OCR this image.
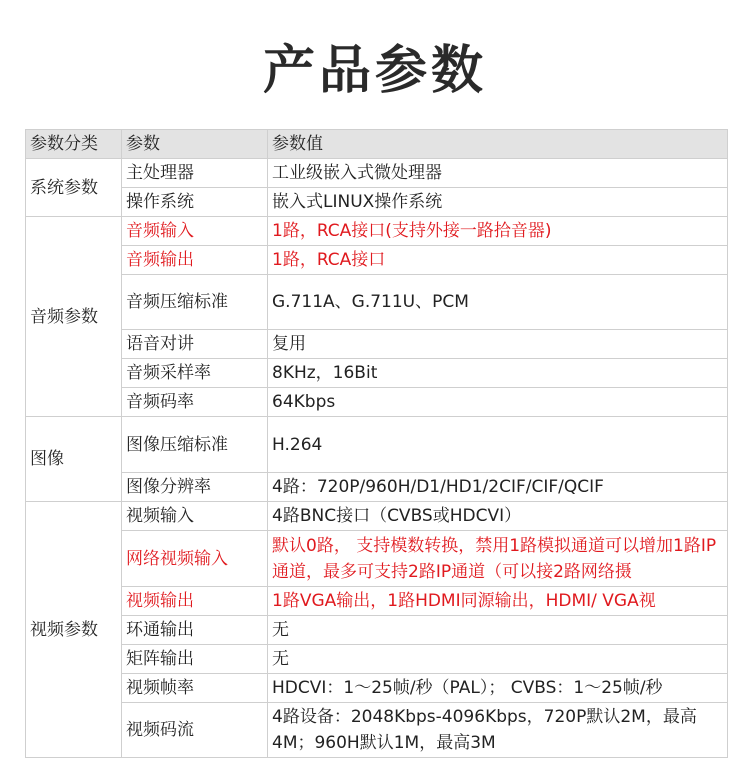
产品参数
参数分类	参数	参数值
系统参数	主处理器	工业级嵌入式微处理器
	操作系统	嵌入式LINUX操作系统
音频参数	音频输入	1路，RCA接口(支持外接一路拾音器)
	音频输出	1路，RCA接口
	音频压缩标准	G.711A、G.711U、PCM
	语音对讲	复用
	音频采样率	8KHz，16Bit
	音频码率	64Kbps
图像	图像压缩标准	H.264
	图像分辨率	4路：720P/960H/D1/HD1/2CIF/CIF/QCIF
视频参数	视频输入	4路BNC接口（CVBS或HDCVI）
	网络视频输入	默认0路， 支持模数转换，禁用1路模拟通道可以增加1路IP通道，最多可支持2路IP通道（可以接2路网络摄
	视频输出	1路VGA输出，1路HDMI同源输出，HDMI/ VGA视
	环通输出	无
	矩阵输出	无
	视频帧率	HDCVI：1～25帧/秒（PAL）； CVBS：1～25帧/秒
	视频码流	4路设备：2048Kbps-4096Kbps，720P默认2M，最高4M；960H默认1M，最高3M
